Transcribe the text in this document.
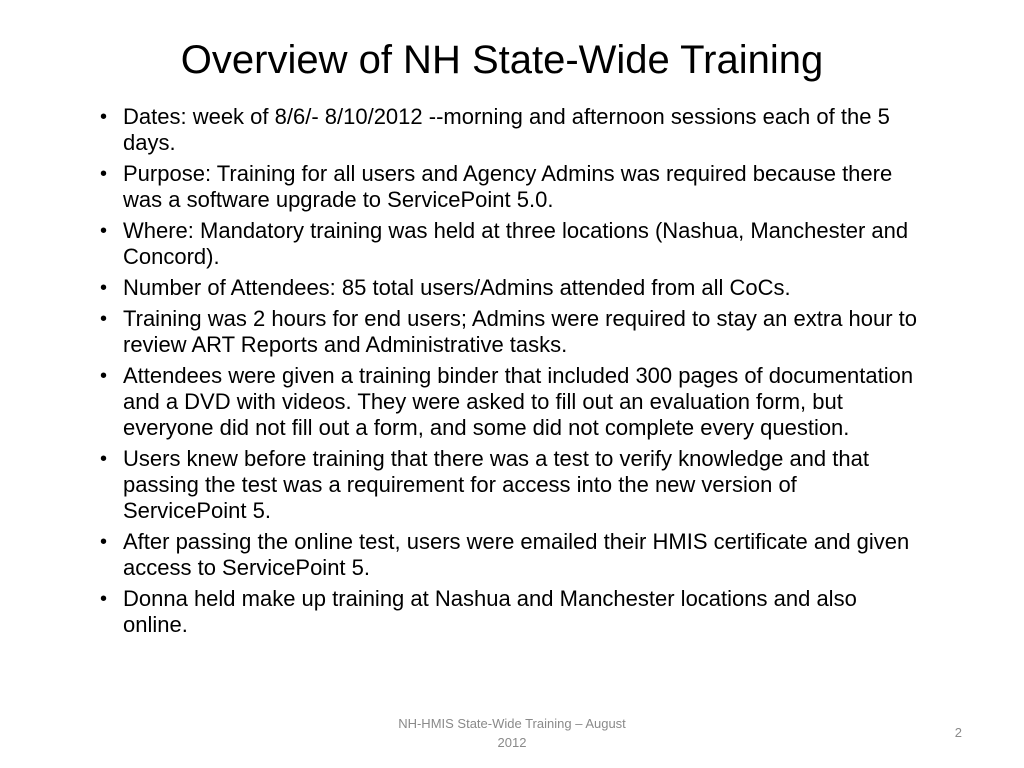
Overview of NH State-Wide Training
• Dates: week of 8/6/- 8/10/2012 --morning and afternoon sessions each of the 5 days.
• Purpose: Training for all users and Agency Admins was required because there was a software upgrade to ServicePoint 5.0.
• Where: Mandatory training was held at three locations (Nashua, Manchester and Concord).
• Number of Attendees: 85 total users/Admins attended from all CoCs.
• Training was 2 hours for end users; Admins were required to stay an extra hour to review ART Reports and Administrative tasks.
• Attendees were given a training binder that included 300 pages of documentation and a DVD with videos. They were asked to fill out an evaluation form, but everyone did not fill out a form, and some did not complete every question.
• Users knew before training that there was a test to verify knowledge and that passing the test was a requirement for access into the new version of ServicePoint 5.
• After passing the online test, users were emailed their HMIS certificate and given access to ServicePoint 5.
• Donna held make up training at Nashua and Manchester locations and also online.
NH-HMIS State-Wide Training – August
2012
2
